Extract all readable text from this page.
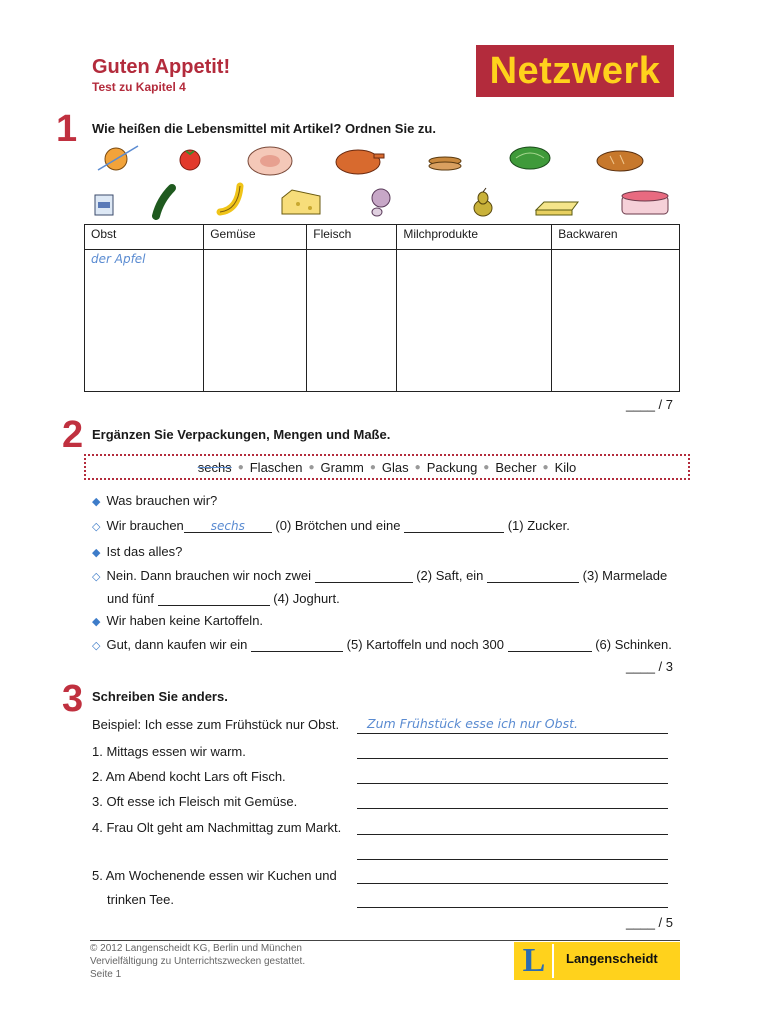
Guten Appetit!
Test zu Kapitel 4	Netzwerk
1 Wie heißen die Lebensmittel mit Artikel? Ordnen Sie zu.
Obst	Gemüse	Fleisch	Milchprodukte	Backwaren
der Apfel				
____ / 7
2 Ergänzen Sie Verpackungen, Mengen und Maße.
sechs ● Flaschen ● Gramm ● Glas ● Packung ● Becher ● Kilo
◆ Was brauchen wir?
◇ Wir brauchen sechs (0) Brötchen und eine	(1) Zucker.
◆ Ist das alles?
◇ Nein. Dann brauchen wir noch zwei	(2) Saft, ein	(3) Marmelade
und fünf	(4) Joghurt.
◆ Wir haben keine Kartoffeln.
◇ Gut, dann kaufen wir ein	(5) Kartoffeln und noch 300	(6) Schinken.
____ / 3
3 Schreiben Sie anders.
Beispiel: Ich esse zum Frühstück nur Obst. Zum Frühstück esse ich nur Obst.
1. Mittags essen wir warm.
2. Am Abend kocht Lars oft Fisch.
3. Oft esse ich Fleisch mit Gemüse.
4. Frau Olt geht am Nachmittag zum Markt.
5. Am Wochenende essen wir Kuchen und
trinken Tee.
____ / 5
© 2012 Langenscheidt KG, Berlin und München
Vervielfältigung zu Unterrichtszwecken gestattet.
Seite 1	L Langenscheidt
